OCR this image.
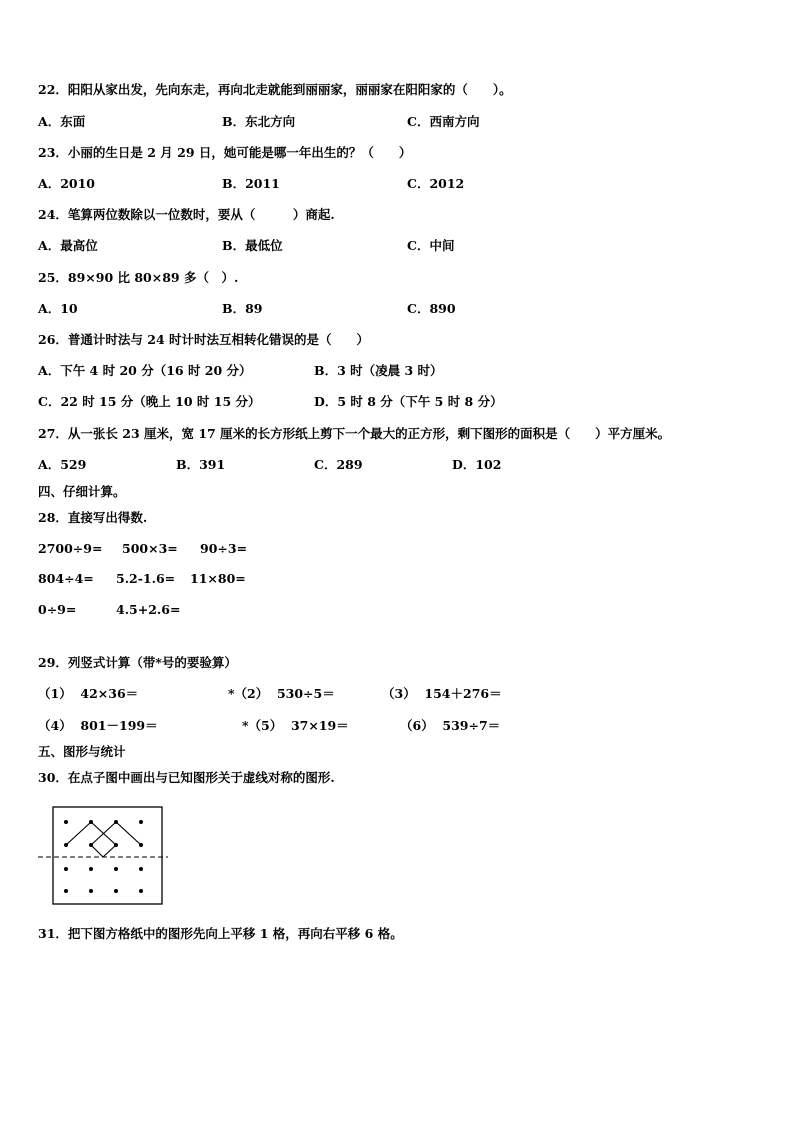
22．阳阳从家出发，先向东走，再向北走就能到丽丽家，丽丽家在阳阳家的（　　）。
A．东面	B．东北方向	C．西南方向
23．小丽的生日是 2 月 29 日，她可能是哪一年出生的？（　　）
A．2010	B．2011	C．2012
24．笔算两位数除以一位数时，要从（　　　）商起.
A．最高位	B．最低位	C．中间
25．89×90 比 80×89 多（　）.
A．10	B．89	C．890
26．普通计时法与 24 时计时法互相转化错误的是（　　）
A．下午 4 时 20 分（16 时 20 分）	B．3 时（凌晨 3 时）
C．22 时 15 分（晚上 10 时 15 分）	D．5 时 8 分（下午 5 时 8 分）
27．从一张长 23 厘米，宽 17 厘米的长方形纸上剪下一个最大的正方形，剩下图形的面积是（　　）平方厘米。
A．529	B．391	C．289	D．102
四、仔细计算。
28．直接写出得数.
2700÷9= 500×3= 90÷3=
804÷4= 5.2-1.6= 11×80=
0÷9=	4.5+2.6=
29．列竖式计算（带*号的要验算）
（1）  42×36＝	*（2）  530÷5＝	（3）  154＋276＝
（4）  801－199＝	*（5）  37×19＝	（6）  539÷7＝
五、图形与统计
30．在点子图中画出与已知图形关于虚线对称的图形.
31．把下图方格纸中的图形先向上平移 1 格，再向右平移 6 格。
